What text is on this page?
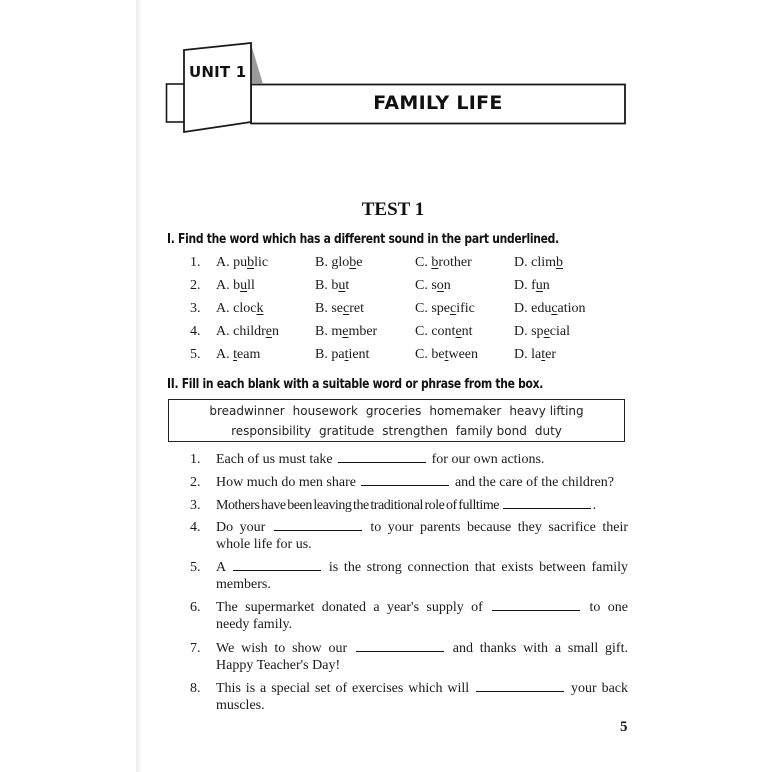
UNIT 1
FAMILY LIFE
TEST 1
I. Find the word which has a different sound in the part underlined.
1. A. public	B. globe	C. brother	D. climb
2. A. bull	B. but	C. son	D. fun
3. A. clock	B. secret	C. specific	D. education
4. A. children	B. member	C. content	D. special
5. A. team	B. patient	C. between	D. later
II. Fill in each blank with a suitable word or phrase from the box.
breadwinner housework groceries homemaker heavy lifting
responsibility gratitude strengthen family bond duty
1. Each of us must take	for our own actions.
2. How much do men share	and the care of the children?
3. Mothers have been leaving the traditional role of fulltime	.
4. Do your	to your parents because they sacrifice their whole life for us.
5. A	is the strong connection that exists between family members.
6. The supermarket donated a year's supply of	to one needy family.
7. We wish to show our	and thanks with a small gift. Happy Teacher's Day!
8. This is a special set of exercises which will	your back muscles.
5
